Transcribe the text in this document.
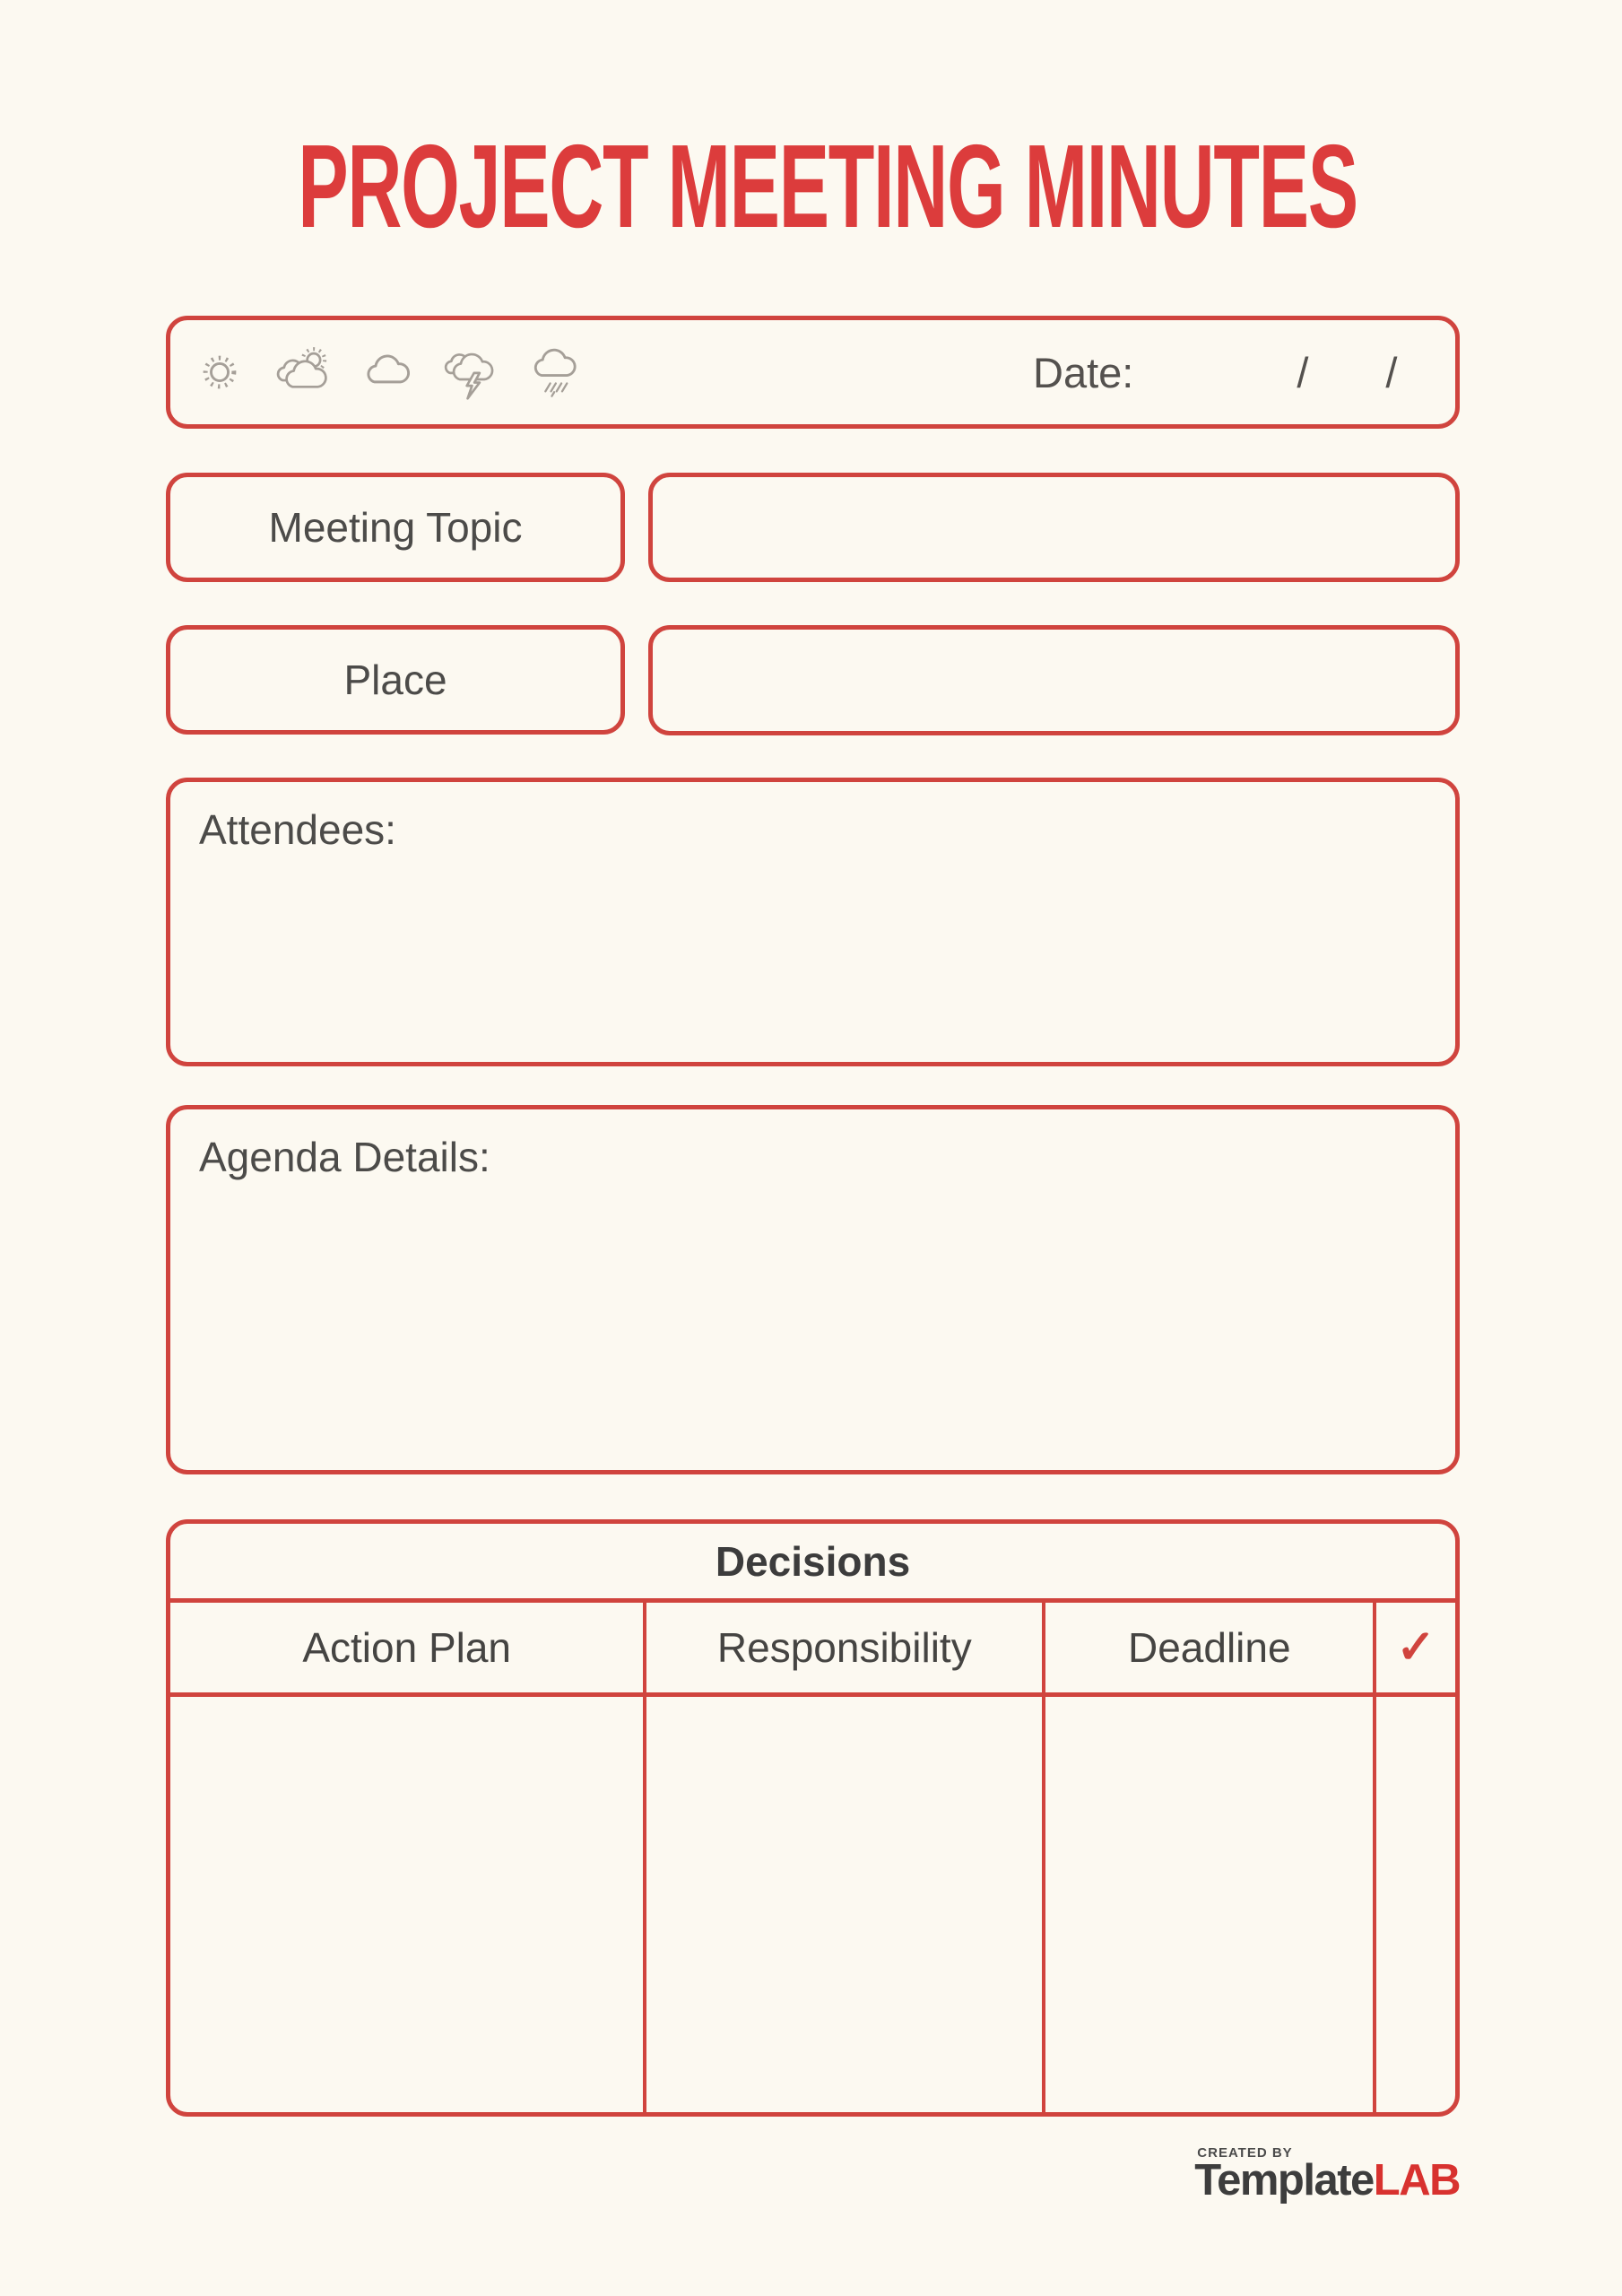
PROJECT MEETING MINUTES
Date:	/ /
Meeting Topic
Place
Attendees:
Agenda Details:
Decisions
Action Plan	Responsibility	Deadline	✓
CREATED BY
TemplateLAB
